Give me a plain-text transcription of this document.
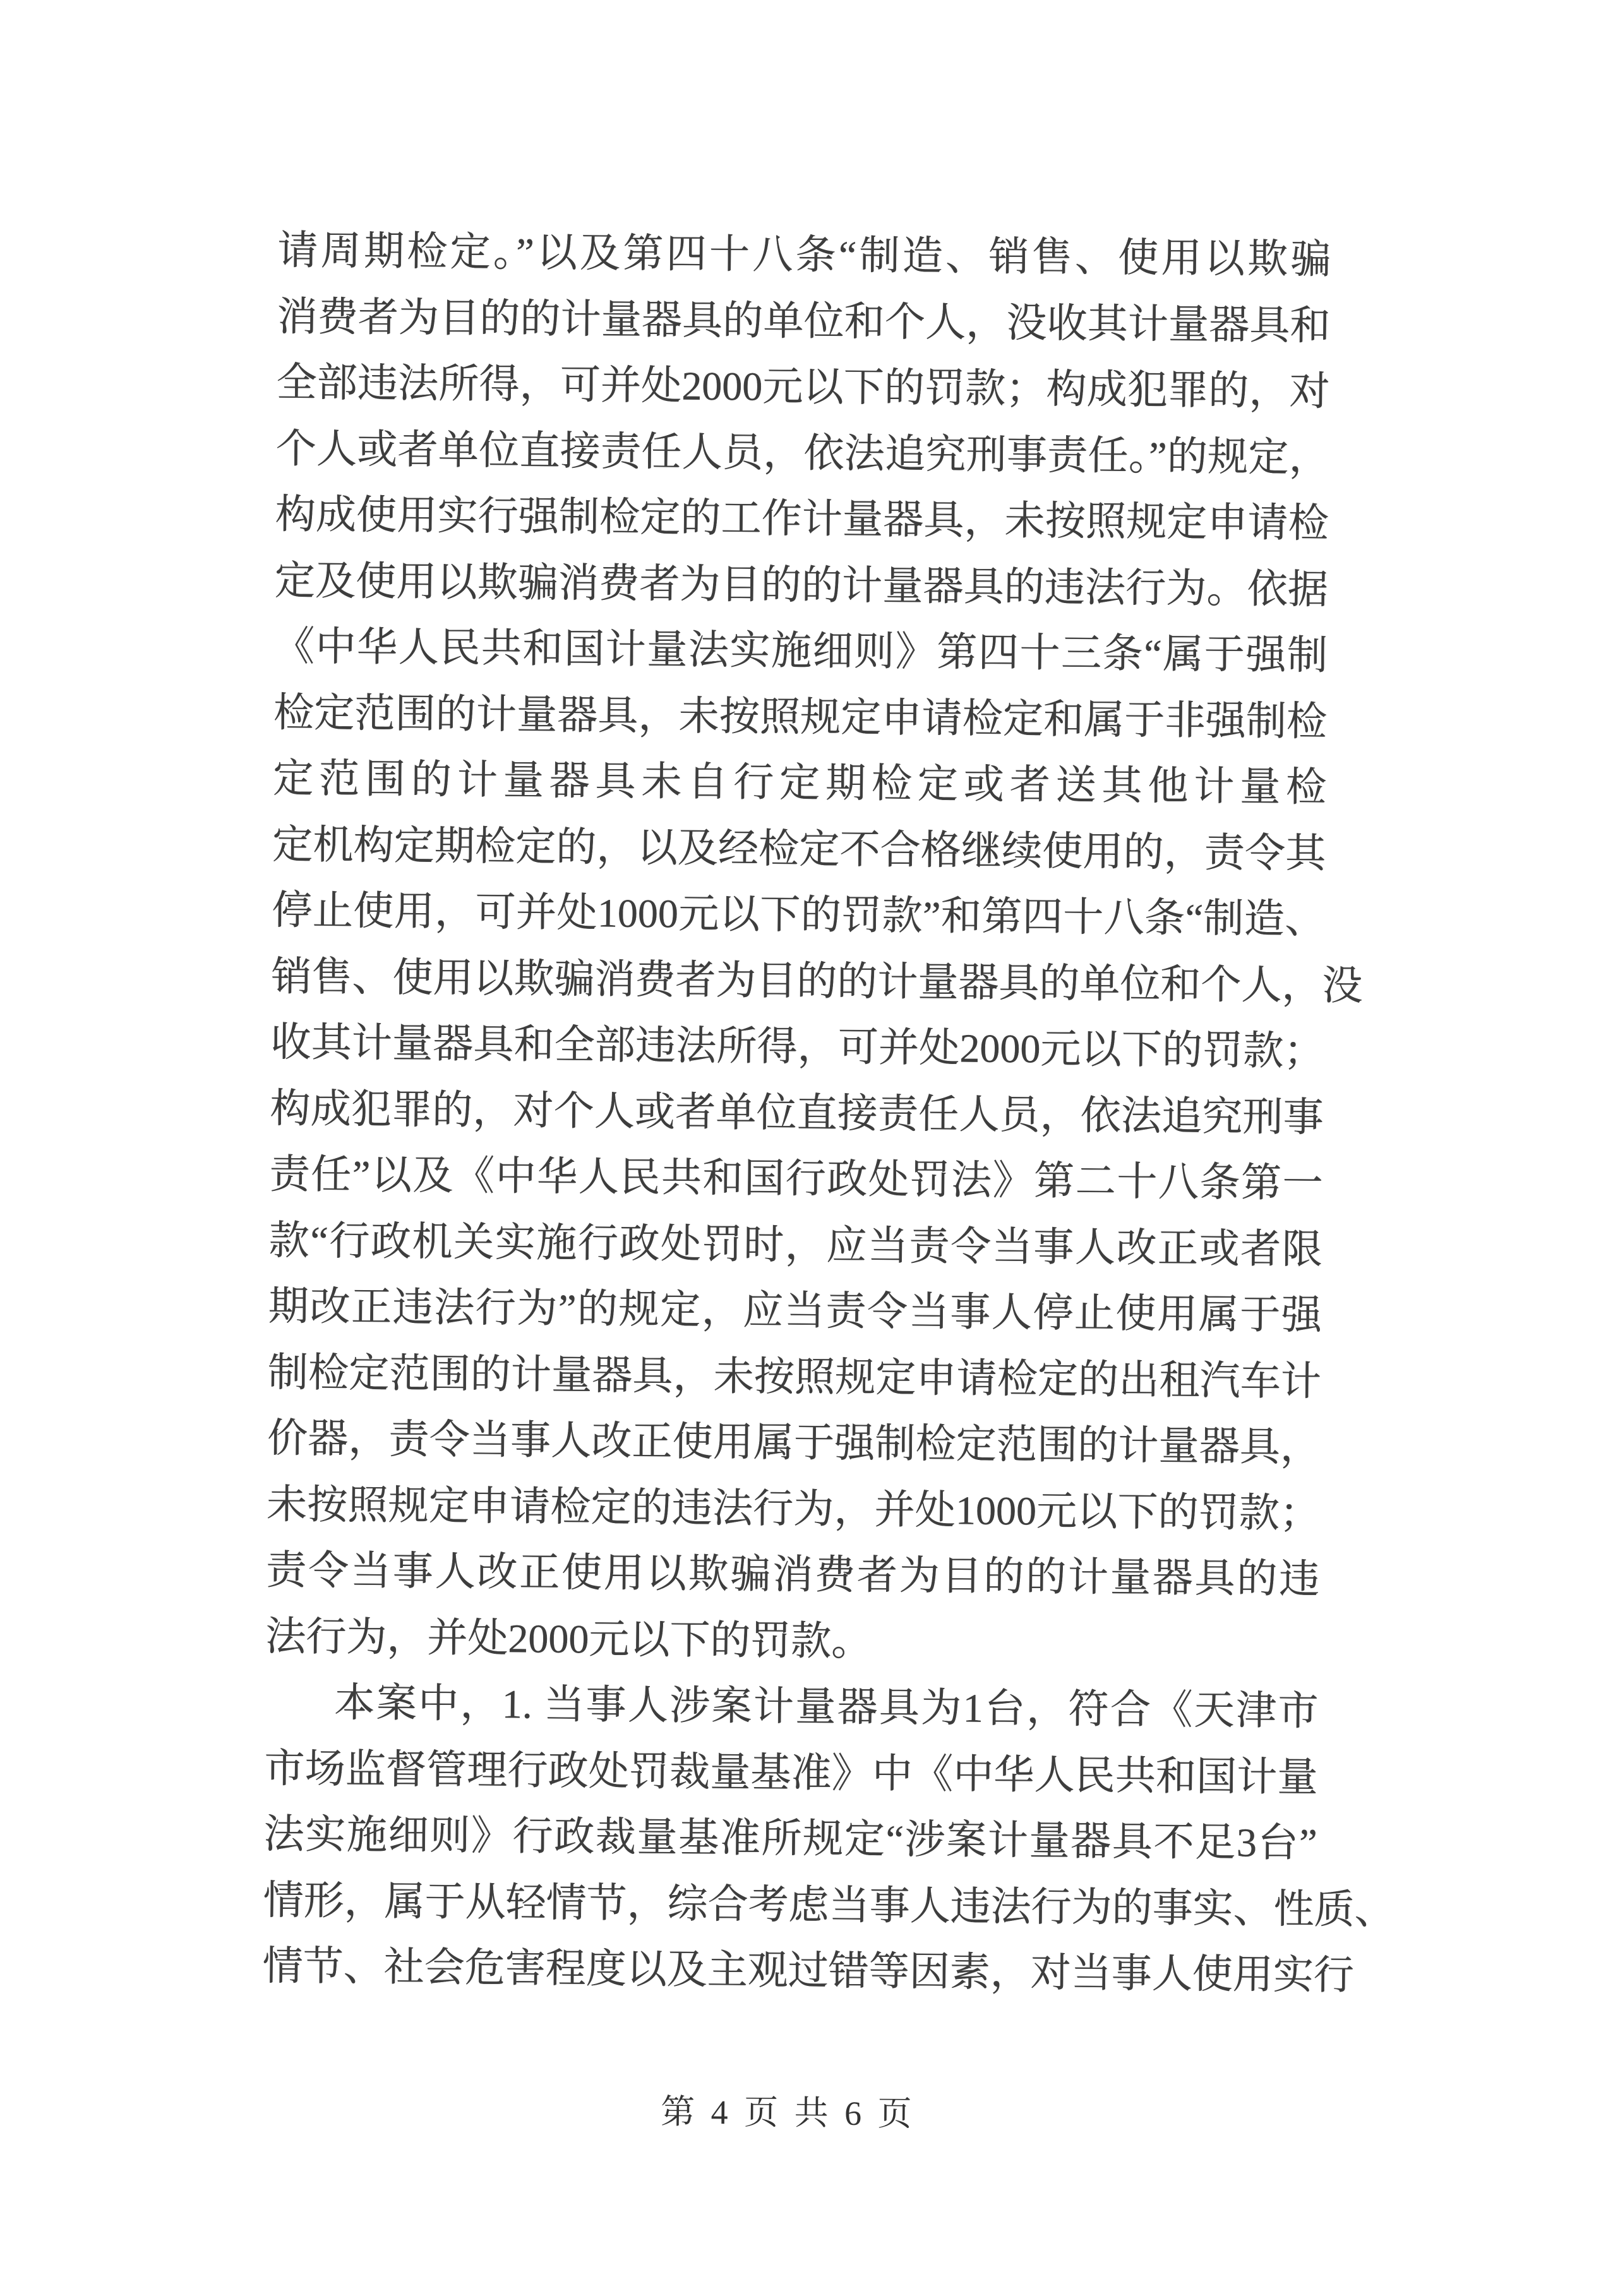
请周期检定。”以及第四十八条“制造、销售、使用以欺骗
消费者为目的的计量器具的单位和个人，没收其计量器具和
全部违法所得，可并处2000元以下的罚款；构成犯罪的，对
个人或者单位直接责任人员，依法追究刑事责任。”的规定，
构成使用实行强制检定的工作计量器具，未按照规定申请检
定及使用以欺骗消费者为目的的计量器具的违法行为。依据
《中华人民共和国计量法实施细则》第四十三条“属于强制
检定范围的计量器具，未按照规定申请检定和属于非强制检
定范围的计量器具未自行定期检定或者送其他计量检
定机构定期检定的，以及经检定不合格继续使用的，责令其
停止使用，可并处1000元以下的罚款”和第四十八条“制造、
销售、使用以欺骗消费者为目的的计量器具的单位和个人，没
收其计量器具和全部违法所得，可并处2000元以下的罚款；
构成犯罪的，对个人或者单位直接责任人员，依法追究刑事
责任”以及《中华人民共和国行政处罚法》第二十八条第一
款“行政机关实施行政处罚时，应当责令当事人改正或者限
期改正违法行为”的规定，应当责令当事人停止使用属于强
制检定范围的计量器具，未按照规定申请检定的出租汽车计
价器，责令当事人改正使用属于强制检定范围的计量器具，
未按照规定申请检定的违法行为，并处1000元以下的罚款；
责令当事人改正使用以欺骗消费者为目的的计量器具的违
法行为，并处2000元以下的罚款。
本案中，1. 当事人涉案计量器具为1台，符合《天津市
市场监督管理行政处罚裁量基准》中《中华人民共和国计量
法实施细则》行政裁量基准所规定“涉案计量器具不足3台”
情形，属于从轻情节，综合考虑当事人违法行为的事实、性质、
情节、社会危害程度以及主观过错等因素，对当事人使用实行
第 4 页 共 6 页
